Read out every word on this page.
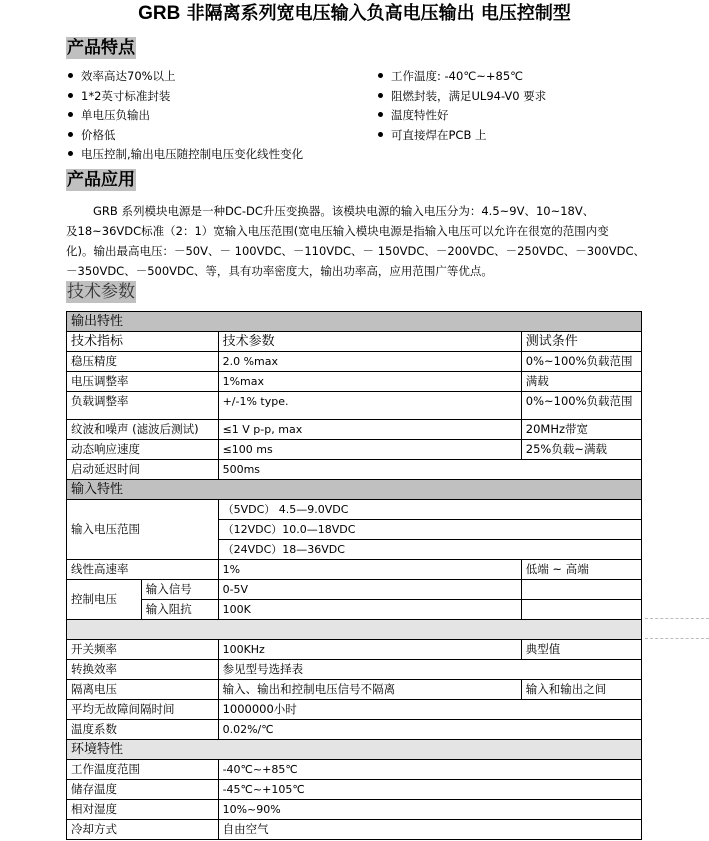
GRB 非隔离系列宽电压输入负高电压输出 电压控制型
产品特点
效率高达70%以上
1*2英寸标准封装
单电压负输出
价格低
电压控制,输出电压随控制电压变化线性变化
工作温度: -40℃~+85℃
阻燃封装，满足UL94-V0 要求
温度特性好
可直接焊在PCB 上
产品应用

GRB 系列模块电源是一种DC-DC升压变换器。该模块电源的输入电压分为：4.5~9V、10~18V、

及18~36VDC标准（2：1）宽输入电压范围(宽电压输入模块电源是指输入电压可以允许在很宽的范围内变

化)。输出最高电压：－50V、－ 100VDC、－110VDC、－ 150VDC、－200VDC、－250VDC、－300VDC、

－350VDC、－500VDC、等，具有功率密度大，输出功率高，应用范围广等优点。

技术参数
输出特性			
技术指标		技术参数	测试条件
稳压精度		2.0 %max	0%~100%负载范围
电压调整率		1%max	满载
负载调整率		+/-1% type.	0%~100%负载范围
纹波和噪声 (滤波后测试)		≤1 V p-p, max	20MHz带宽
动态响应速度		≤100 ms	25%负载~满载
启动延迟时间		500ms	
输入特性			
输入电压范围		（5VDC） 4.5—9.0VDC	
		（12VDC）10.0—18VDC	
		（24VDC）18—36VDC	
线性高速率		1%	低端 ~ 高端
控制电压	输入信号	0-5V	
	输入阻抗	100K	

开关频率		100KHz	典型值
转换效率		参见型号选择表	
隔离电压		输入、输出和控制电压信号不隔离	输入和输出之间
平均无故障间隔时间		1000000小时	
温度系数		0.02%/℃	
环境特性			
工作温度范围		-40℃~+85℃	
储存温度		-45℃~+105℃	
相对湿度		10%~90%	
冷却方式		自由空气	
